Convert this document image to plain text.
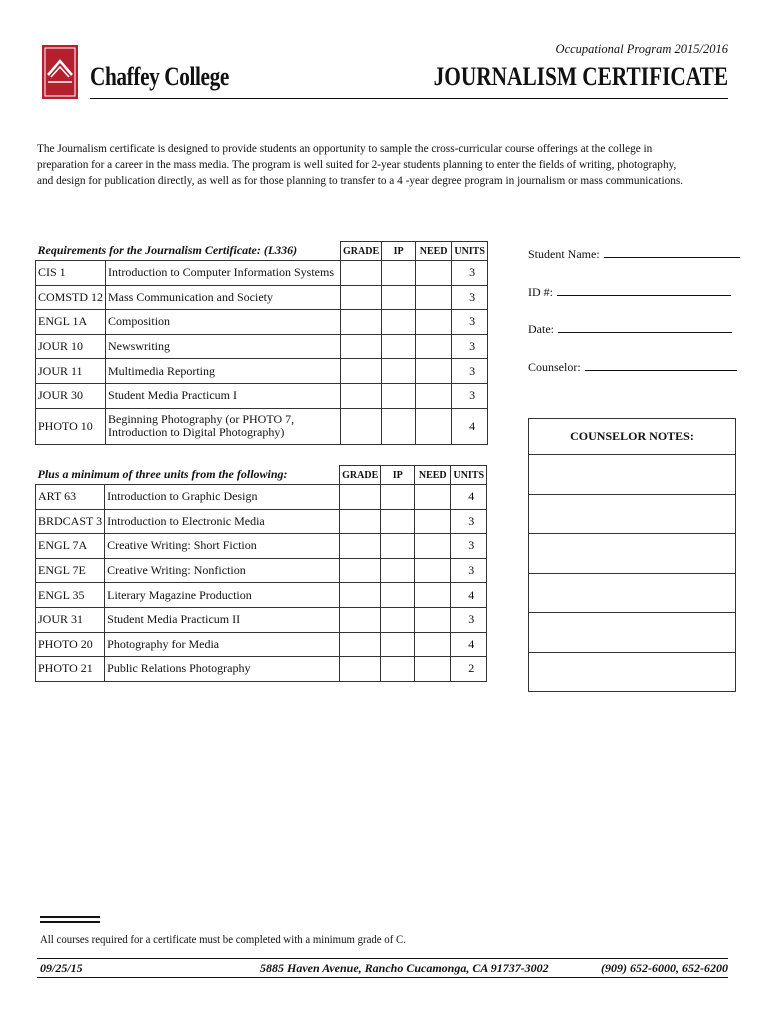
Chaffey College
Occupational Program 2015/2016
JOURNALISM CERTIFICATE
The Journalism certificate is designed to provide students an opportunity to sample the cross-curricular course offerings at the college in preparation for a career in the mass media. The program is well suited for 2-year students planning to enter the fields of writing, photography, and design for publication directly, as well as for those planning to transfer to a 4 -year degree program in journalism or mass communications.
Requirements for the Journalism Certificate: (L336)		GRADE	IP	NEED	UNITS
CIS 1	Introduction to Computer Information Systems				3
COMSTD 12	Mass Communication and Society				3
ENGL 1A	Composition				3
JOUR 10	Newswriting				3
JOUR 11	Multimedia Reporting				3
JOUR 30	Student Media Practicum I				3
PHOTO 10	Beginning Photography (or PHOTO 7, Introduction to Digital Photography)				4
Plus a minimum of three units from the following:		GRADE	IP	NEED	UNITS
ART 63	Introduction to Graphic Design				4
BRDCAST 3	Introduction to Electronic Media				3
ENGL 7A	Creative Writing: Short Fiction				3
ENGL 7E	Creative Writing: Nonfiction				3
ENGL 35	Literary Magazine Production				4
JOUR 31	Student Media Practicum II				3
PHOTO 20	Photography for Media				4
PHOTO 21	Public Relations Photography				2
Student Name:
ID #:
Date:
Counselor:
COUNSELOR NOTES:

All courses required for a certificate must be completed with a minimum grade of C.
09/25/15	5885 Haven Avenue, Rancho Cucamonga, CA 91737-3002	(909) 652-6000, 652-6200
